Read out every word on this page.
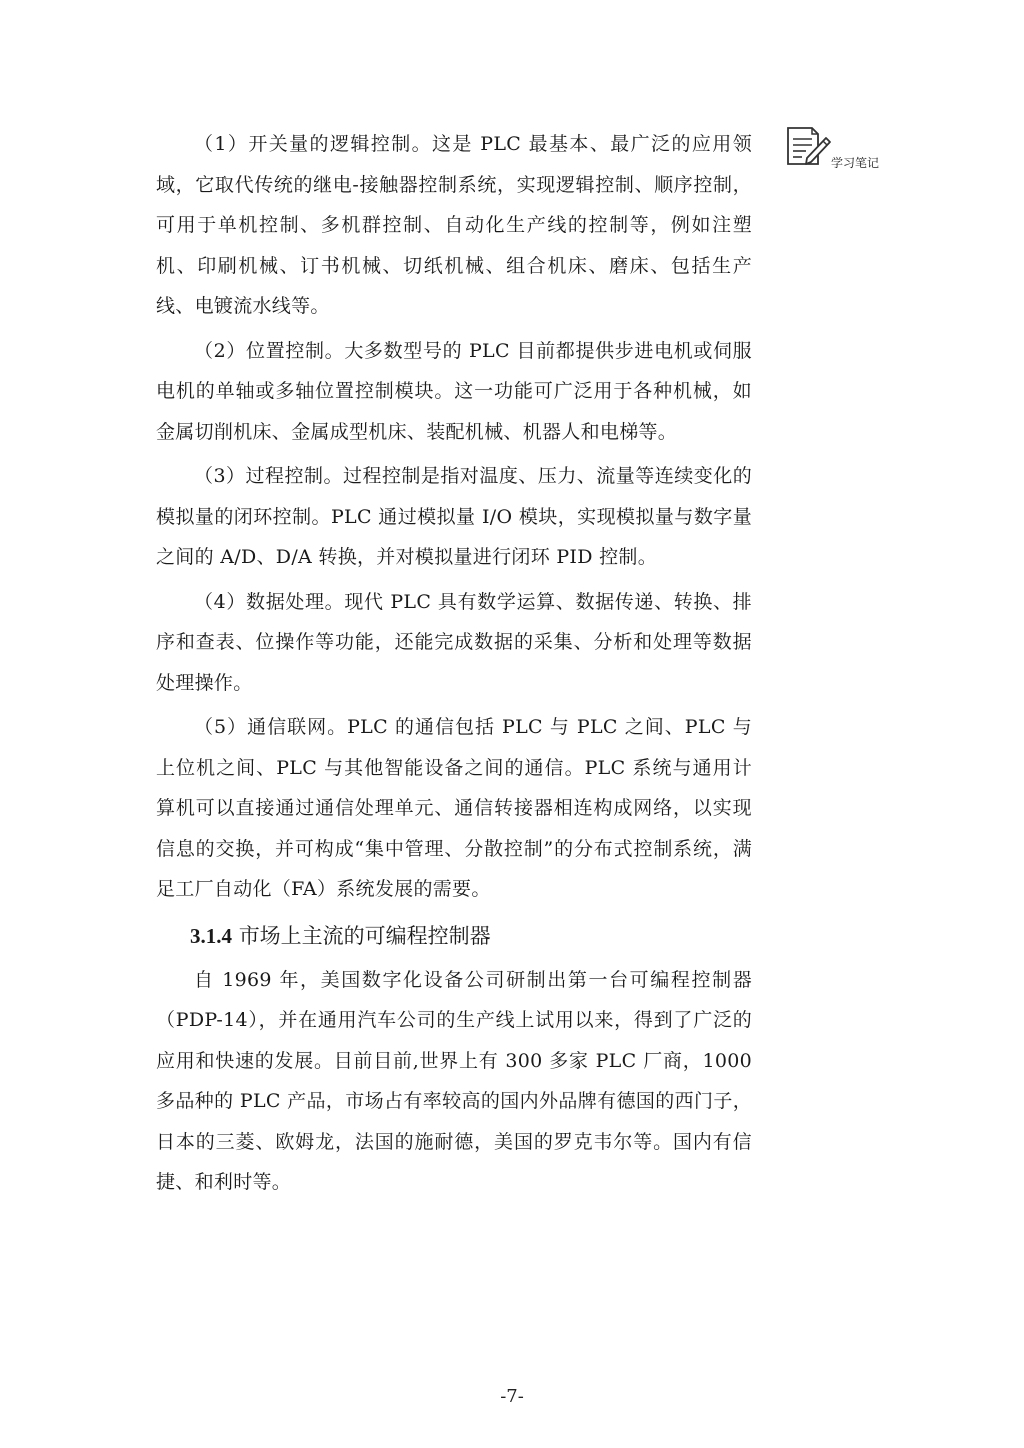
学习笔记

（1）开关量的逻辑控制。这是 PLC 最基本、最广泛的应用领域，它取代传统的继电-接触器控制系统，实现逻辑控制、顺序控制，可用于单机控制、多机群控制、自动化生产线的控制等，例如注塑机、印刷机械、订书机械、切纸机械、组合机床、磨床、包括生产线、电镀流水线等。

（2）位置控制。大多数型号的 PLC 目前都提供步进电机或伺服电机的单轴或多轴位置控制模块。这一功能可广泛用于各种机械，如金属切削机床、金属成型机床、装配机械、机器人和电梯等。

（3）过程控制。过程控制是指对温度、压力、流量等连续变化的模拟量的闭环控制。PLC 通过模拟量 I/O 模块，实现模拟量与数字量之间的 A/D、D/A 转换，并对模拟量进行闭环 PID 控制。

（4）数据处理。现代 PLC 具有数学运算、数据传递、转换、排序和查表、位操作等功能，还能完成数据的采集、分析和处理等数据处理操作。

（5）通信联网。PLC 的通信包括 PLC 与 PLC 之间、PLC 与上位机之间、PLC 与其他智能设备之间的通信。PLC 系统与通用计算机可以直接通过通信处理单元、通信转接器相连构成网络，以实现信息的交换，并可构成“集中管理、分散控制”的分布式控制系统，满足工厂自动化（FA）系统发展的需要。

3.1.4 市场上主流的可编程控制器

自 1969 年，美国数字化设备公司研制出第一台可编程控制器（PDP-14），并在通用汽车公司的生产线上试用以来，得到了广泛的应用和快速的发展。目前目前,世界上有 300 多家 PLC 厂商，1000 多品种的 PLC 产品，市场占有率较高的国内外品牌有德国的西门子，日本的三菱、欧姆龙，法国的施耐德，美国的罗克韦尔等。国内有信捷、和利时等。

-7-
